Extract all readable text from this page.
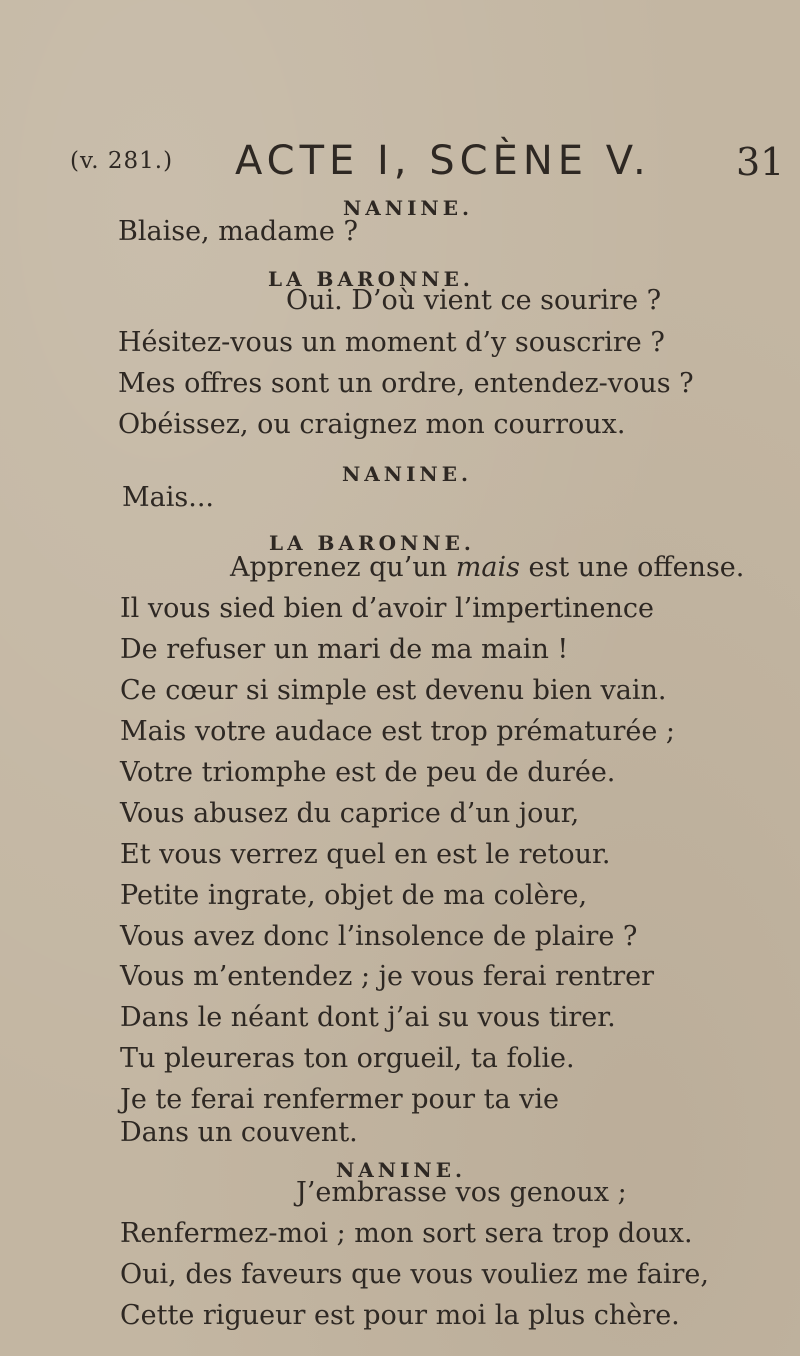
(v. 281.) ACTE I, SCÈNE V. 31
NANINE.
Blaise, madame ?
LA BARONNE.
Oui. D’où vient ce sourire ?
Hésitez-vous un moment d’y souscrire ?
Mes offres sont un ordre, entendez-vous ?
Obéissez, ou craignez mon courroux.
NANINE.
Mais...
LA BARONNE.
Apprenez qu’un mais est une offense.
Il vous sied bien d’avoir l’impertinence
De refuser un mari de ma main !
Ce cœur si simple est devenu bien vain.
Mais votre audace est trop prématurée ;
Votre triomphe est de peu de durée.
Vous abusez du caprice d’un jour,
Et vous verrez quel en est le retour.
Petite ingrate, objet de ma colère,
Vous avez donc l’insolence de plaire ?
Vous m’entendez ; je vous ferai rentrer
Dans le néant dont j’ai su vous tirer.
Tu pleureras ton orgueil, ta folie.
Je te ferai renfermer pour ta vie
Dans un couvent.
NANINE.
J’embrasse vos genoux ;
Renfermez-moi ; mon sort sera trop doux.
Oui, des faveurs que vous vouliez me faire,
Cette rigueur est pour moi la plus chère.
